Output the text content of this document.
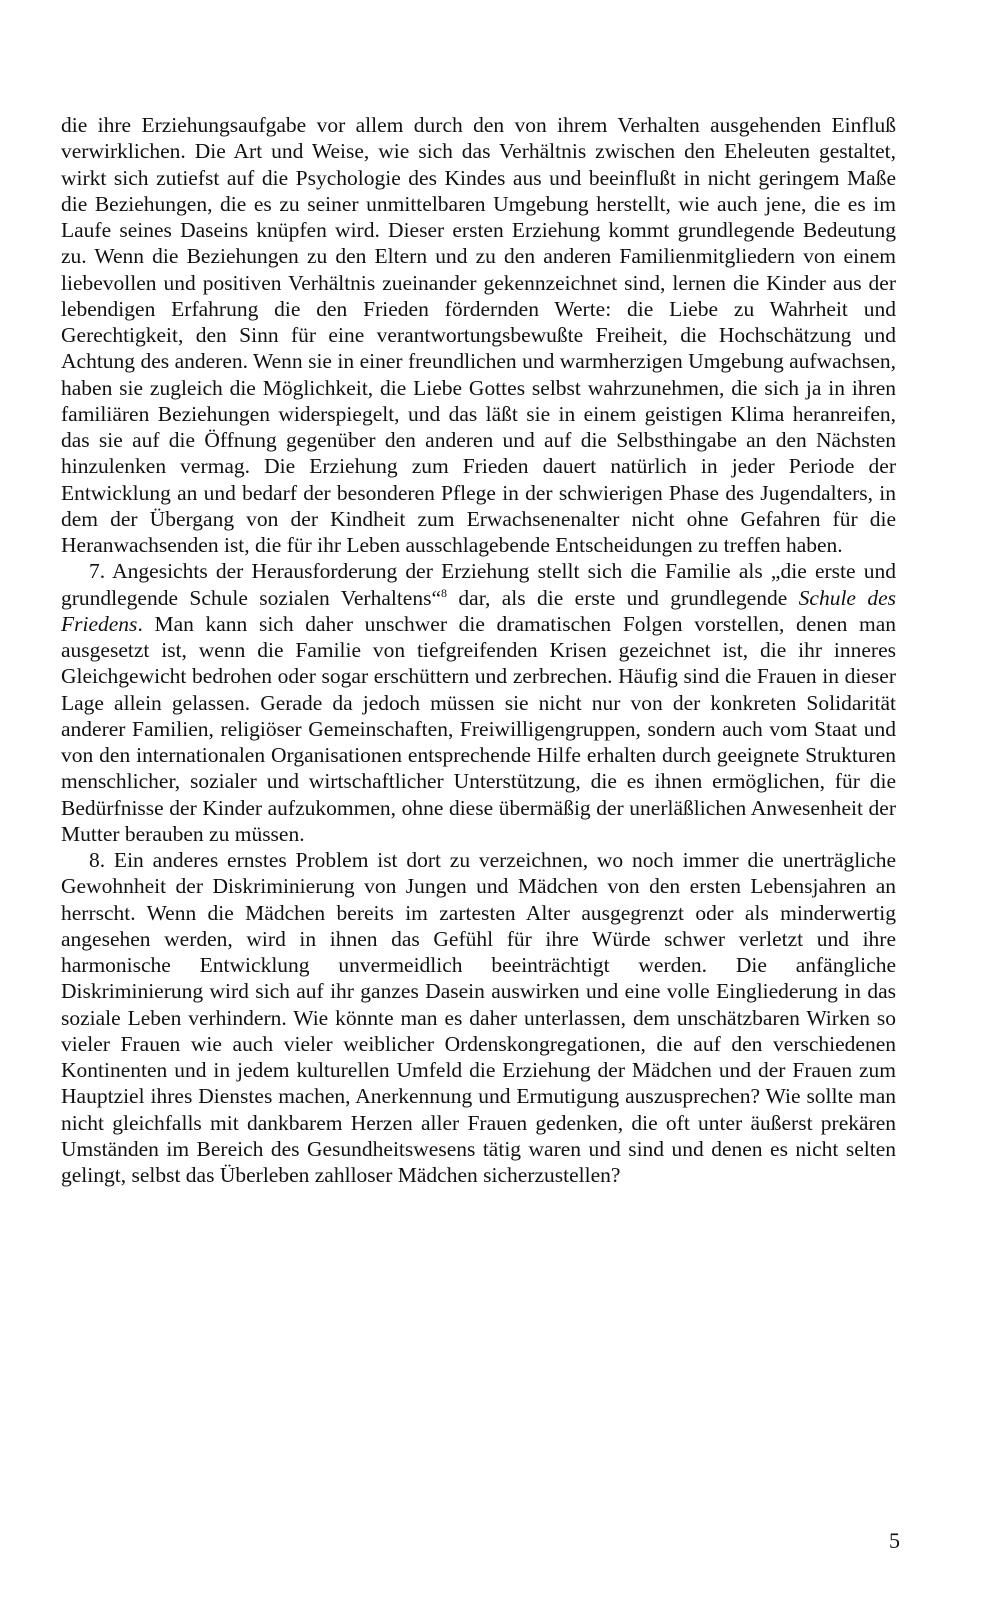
die ihre Erziehungsaufgabe vor allem durch den von ihrem Verhalten ausgehenden Einfluß verwirklichen. Die Art und Weise, wie sich das Verhältnis zwischen den Eheleuten gestaltet, wirkt sich zutiefst auf die Psychologie des Kindes aus und beeinflußt in nicht geringem Maße die Beziehungen, die es zu seiner unmittelbaren Umgebung herstellt, wie auch jene, die es im Laufe seines Daseins knüpfen wird. Dieser ersten Erziehung kommt grundlegende Bedeutung zu. Wenn die Beziehungen zu den Eltern und zu den anderen Familienmitgliedern von einem liebevollen und positiven Verhältnis zueinander gekennzeichnet sind, lernen die Kinder aus der lebendigen Erfahrung die den Frieden fördernden Werte: die Liebe zu Wahrheit und Gerechtigkeit, den Sinn für eine verantwortungsbewußte Freiheit, die Hochschätzung und Achtung des anderen. Wenn sie in einer freundlichen und warmherzigen Umgebung aufwachsen, haben sie zugleich die Möglichkeit, die Liebe Gottes selbst wahrzunehmen, die sich ja in ihren familiären Beziehungen widerspiegelt, und das läßt sie in einem geistigen Klima heranreifen, das sie auf die Öffnung gegenüber den anderen und auf die Selbsthingabe an den Nächsten hinzulenken vermag. Die Erziehung zum Frieden dauert natürlich in jeder Periode der Entwicklung an und bedarf der besonderen Pflege in der schwierigen Phase des Jugendalters, in dem der Übergang von der Kindheit zum Erwachsenenalter nicht ohne Gefahren für die Heranwachsenden ist, die für ihr Leben ausschlagebende Entscheidungen zu treffen haben.

7. Angesichts der Herausforderung der Erziehung stellt sich die Familie als „die erste und grundlegende Schule sozialen Verhaltens“$^8$ dar, als die erste und grundlegende Schule des Friedens. Man kann sich daher unschwer die dramatischen Folgen vorstellen, denen man ausgesetzt ist, wenn die Familie von tiefgreifenden Krisen gezeichnet ist, die ihr inneres Gleichgewicht bedrohen oder sogar erschüttern und zerbrechen. Häufig sind die Frauen in dieser Lage allein gelassen. Gerade da jedoch müssen sie nicht nur von der konkreten Solidarität anderer Familien, religiöser Gemeinschaften, Freiwilligengruppen, sondern auch vom Staat und von den internationalen Organisationen entsprechende Hilfe erhalten durch geeignete Strukturen menschlicher, sozialer und wirtschaftlicher Unterstützung, die es ihnen ermöglichen, für die Bedürfnisse der Kinder aufzukommen, ohne diese übermäßig der unerläßlichen Anwesenheit der Mutter berauben zu müssen.

8. Ein anderes ernstes Problem ist dort zu verzeichnen, wo noch immer die unerträgliche Gewohnheit der Diskriminierung von Jungen und Mädchen von den ersten Lebensjahren an herrscht. Wenn die Mädchen bereits im zartesten Alter ausgegrenzt oder als minderwertig angesehen werden, wird in ihnen das Gefühl für ihre Würde schwer verletzt und ihre harmonische Entwicklung unvermeidlich beeinträchtigt werden. Die anfängliche Diskriminierung wird sich auf ihr ganzes Dasein auswirken und eine volle Eingliederung in das soziale Leben verhindern. Wie könnte man es daher unterlassen, dem unschätzbaren Wirken so vieler Frauen wie auch vieler weiblicher Ordenskongregationen, die auf den verschiedenen Kontinenten und in jedem kulturellen Umfeld die Erziehung der Mädchen und der Frauen zum Hauptziel ihres Dienstes machen, Anerkennung und Ermutigung auszusprechen? Wie sollte man nicht gleichfalls mit dankbarem Herzen aller Frauen gedenken, die oft unter äußerst prekären Umständen im Bereich des Gesundheitswesens tätig waren und sind und denen es nicht selten gelingt, selbst das Überleben zahlloser Mädchen sicherzustellen?

5
